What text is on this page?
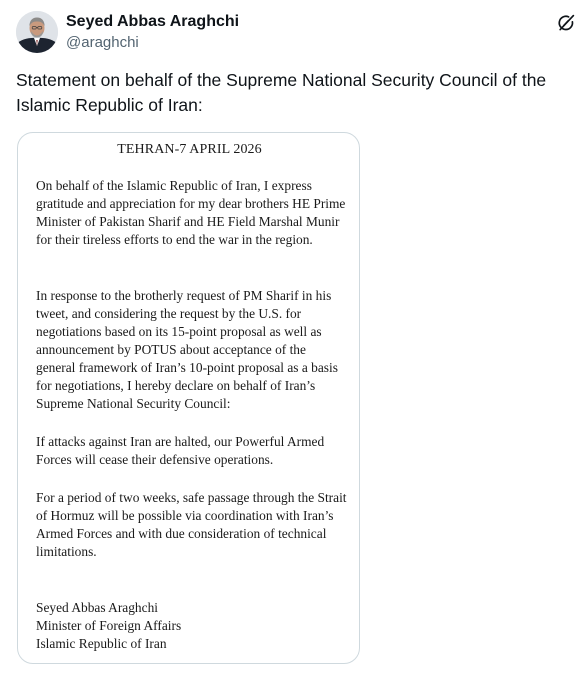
Seyed Abbas Araghchi
@araghchi

Statement on behalf of the Supreme National Security Council of the Islamic Republic of Iran:

TEHRAN-7 APRIL 2026

On behalf of the Islamic Republic of Iran, I express gratitude and appreciation for my dear brothers HE Prime Minister of Pakistan Sharif and HE Field Marshal Munir for their tireless efforts to end the war in the region.

In response to the brotherly request of PM Sharif in his tweet, and considering the request by the U.S. for negotiations based on its 15-point proposal as well as announcement by POTUS about acceptance of the general framework of Iran’s 10-point proposal as a basis for negotiations, I hereby declare on behalf of Iran’s Supreme National Security Council:

If attacks against Iran are halted, our Powerful Armed Forces will cease their defensive operations.

For a period of two weeks, safe passage through the Strait of Hormuz will be possible via coordination with Iran’s Armed Forces and with due consideration of technical limitations.

Seyed Abbas Araghchi

Minister of Foreign Affairs

Islamic Republic of Iran
